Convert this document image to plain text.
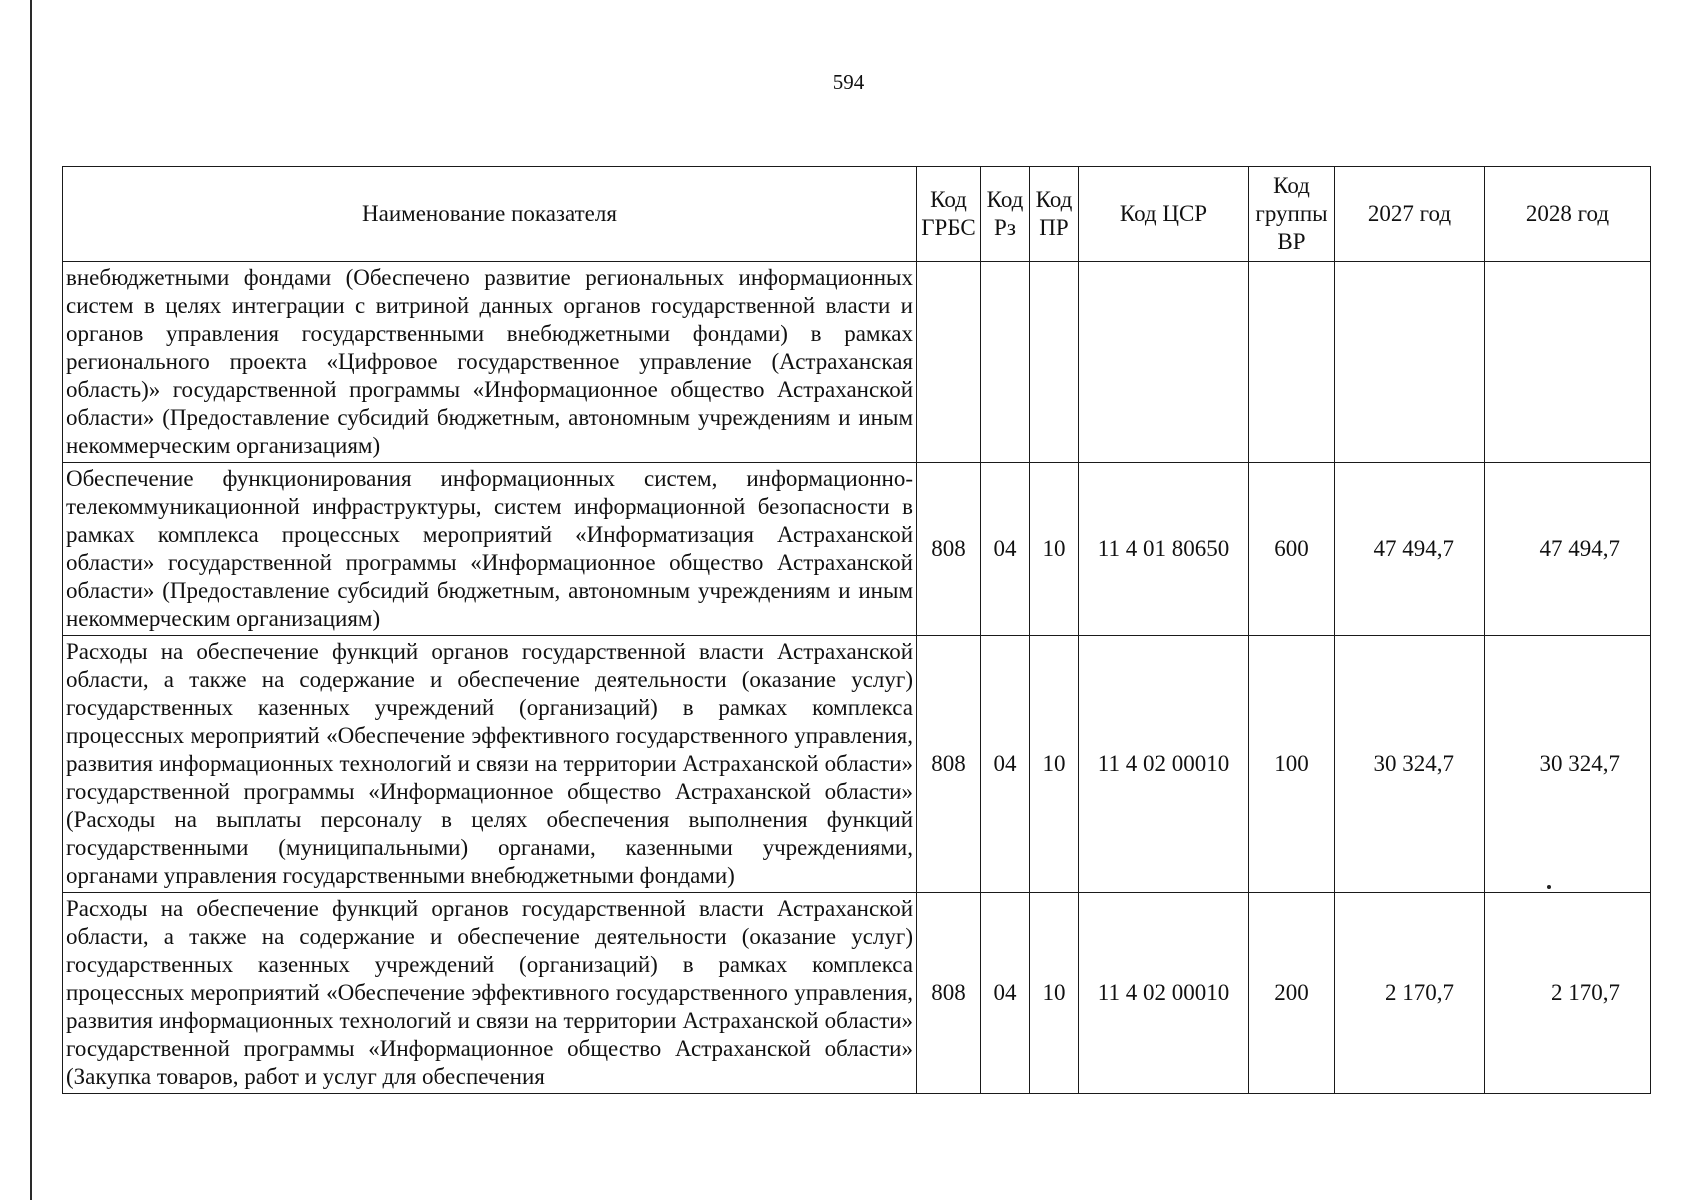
594
Наименование показателя	Код ГРБС	Код Рз	Код ПР	Код ЦСР	Код группы ВР	2027 год	2028 год
внебюджетными фондами (Обеспечено развитие региональных информационных систем в целях интеграции с витриной данных органов государственной власти и органов управления государственными внебюджетными фондами) в рамках регионального проекта «Цифровое государственное управление (Астраханская область)» государственной программы «Информационное общество Астраханской области» (Предоставление субсидий бюджетным, автономным учреждениям и иным некоммерческим организациям)							
Обеспечение функционирования информационных систем, информационно-телекоммуникационной инфраструктуры, систем информационной безопасности в рамках комплекса процессных мероприятий «Информатизация Астраханской области» государственной программы «Информационное общество Астраханской области» (Предоставление субсидий бюджетным, автономным учреждениям и иным некоммерческим организациям)	808	04	10	11 4 01 80650	600	47 494,7	47 494,7
Расходы на обеспечение функций органов государственной власти Астраханской области, а также на содержание и обеспечение деятельности (оказание услуг) государственных казенных учреждений (организаций) в рамках комплекса процессных мероприятий «Обеспечение эффективного государственного управления, развития информационных технологий и связи на территории Астраханской области» государственной программы «Информационное общество Астраханской области» (Расходы на выплаты персоналу в целях обеспечения выполнения функций государственными (муниципальными) органами, казенными учреждениями, органами управления государственными внебюджетными фондами)	808	04	10	11 4 02 00010	100	30 324,7	30 324,7
Расходы на обеспечение функций органов государственной власти Астраханской области, а также на содержание и обеспечение деятельности (оказание услуг) государственных казенных учреждений (организаций) в рамках комплекса процессных мероприятий «Обеспечение эффективного государственного управления, развития информационных технологий и связи на территории Астраханской области» государственной программы «Информационное общество Астраханской области» (Закупка товаров, работ и услуг для обеспечения	808	04	10	11 4 02 00010	200	2 170,7	2 170,7
